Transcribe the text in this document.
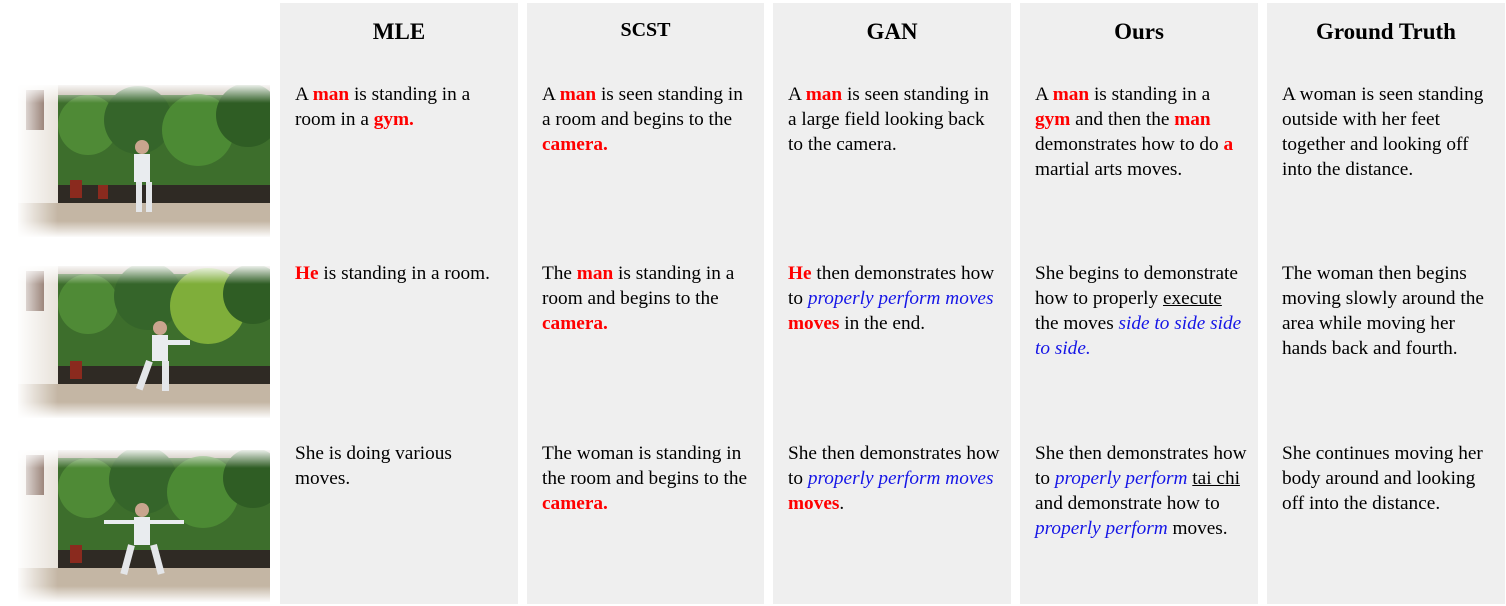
MLE
A man is standing in a room in a gym.
He is standing in a room.
She is doing various moves.
SCST
A man is seen standing in a room and begins to the camera.
The man is standing in a room and begins to the camera.
The woman is standing in the room and begins to the camera.
GAN
A man is seen standing in a large field looking back to the camera.
He then demonstrates how to properly perform moves moves in the end.
She then demonstrates how to properly perform moves moves.
Ours
A man is standing in a gym and then the man demonstrates how to do a martial arts moves.
She begins to demonstrate how to properly execute the moves side to side side to side.
She then demonstrates how to properly perform tai chi and demonstrate how to properly perform moves.
Ground Truth
A woman is seen standing outside with her feet together and looking off into the distance.
The woman then begins moving slowly around the area while moving her hands back and fourth.
She continues moving her body around and looking off into the distance.
